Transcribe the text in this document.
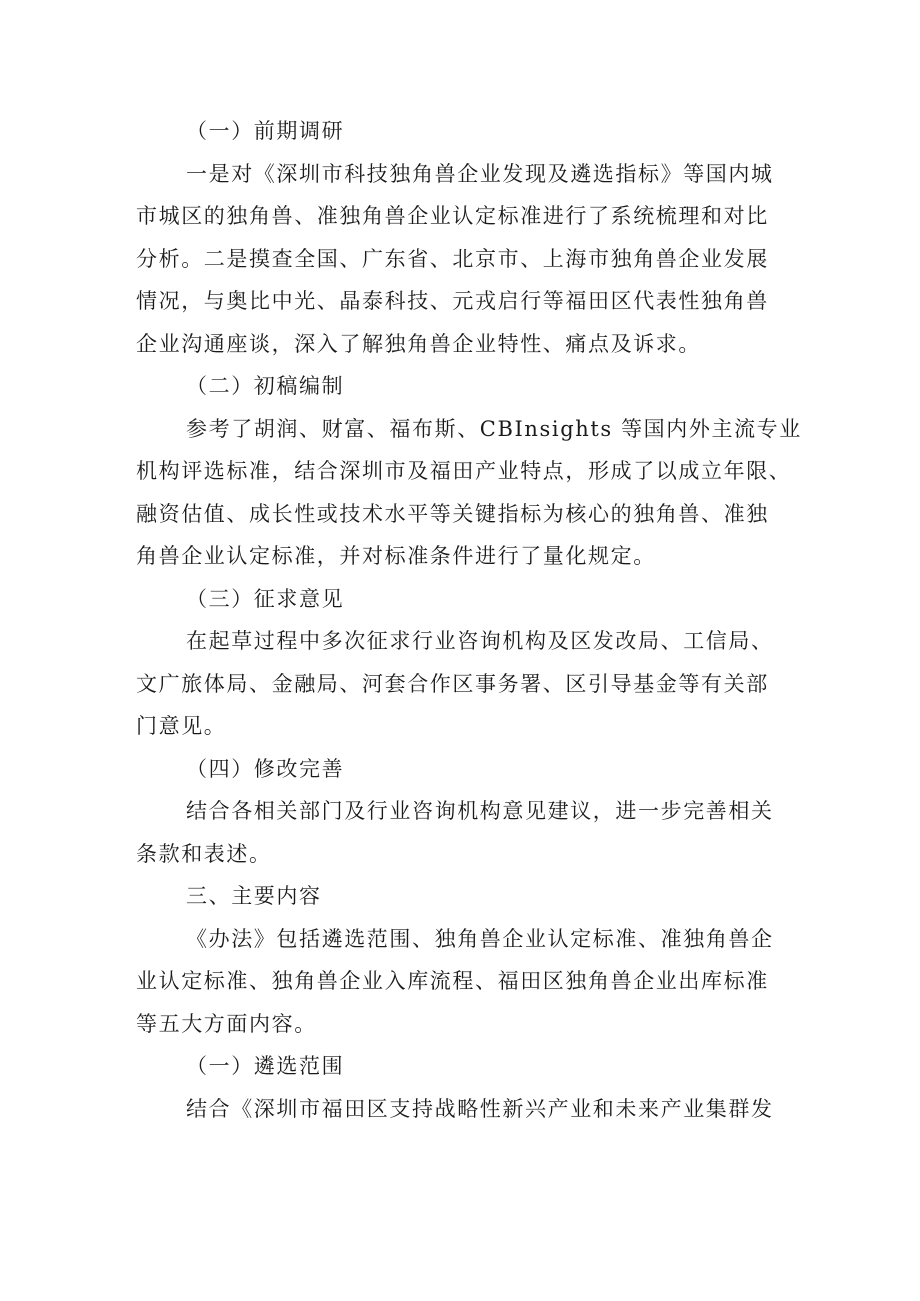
（一）前期调研
一是对《深圳市科技独角兽企业发现及遴选指标》等国内城
市城区的独角兽、准独角兽企业认定标准进行了系统梳理和对比
分析。二是摸查全国、广东省、北京市、上海市独角兽企业发展
情况，与奥比中光、晶泰科技、元戎启行等福田区代表性独角兽
企业沟通座谈，深入了解独角兽企业特性、痛点及诉求。
（二）初稿编制
参考了胡润、财富、福布斯、CBInsights 等国内外主流专业
机构评选标准，结合深圳市及福田产业特点，形成了以成立年限、
融资估值、成长性或技术水平等关键指标为核心的独角兽、准独
角兽企业认定标准，并对标准条件进行了量化规定。
（三）征求意见
在起草过程中多次征求行业咨询机构及区发改局、工信局、
文广旅体局、金融局、河套合作区事务署、区引导基金等有关部
门意见。
（四）修改完善
结合各相关部门及行业咨询机构意见建议，进一步完善相关
条款和表述。
三、主要内容
《办法》包括遴选范围、独角兽企业认定标准、准独角兽企
业认定标准、独角兽企业入库流程、福田区独角兽企业出库标准
等五大方面内容。
（一）遴选范围
结合《深圳市福田区支持战略性新兴产业和未来产业集群发
